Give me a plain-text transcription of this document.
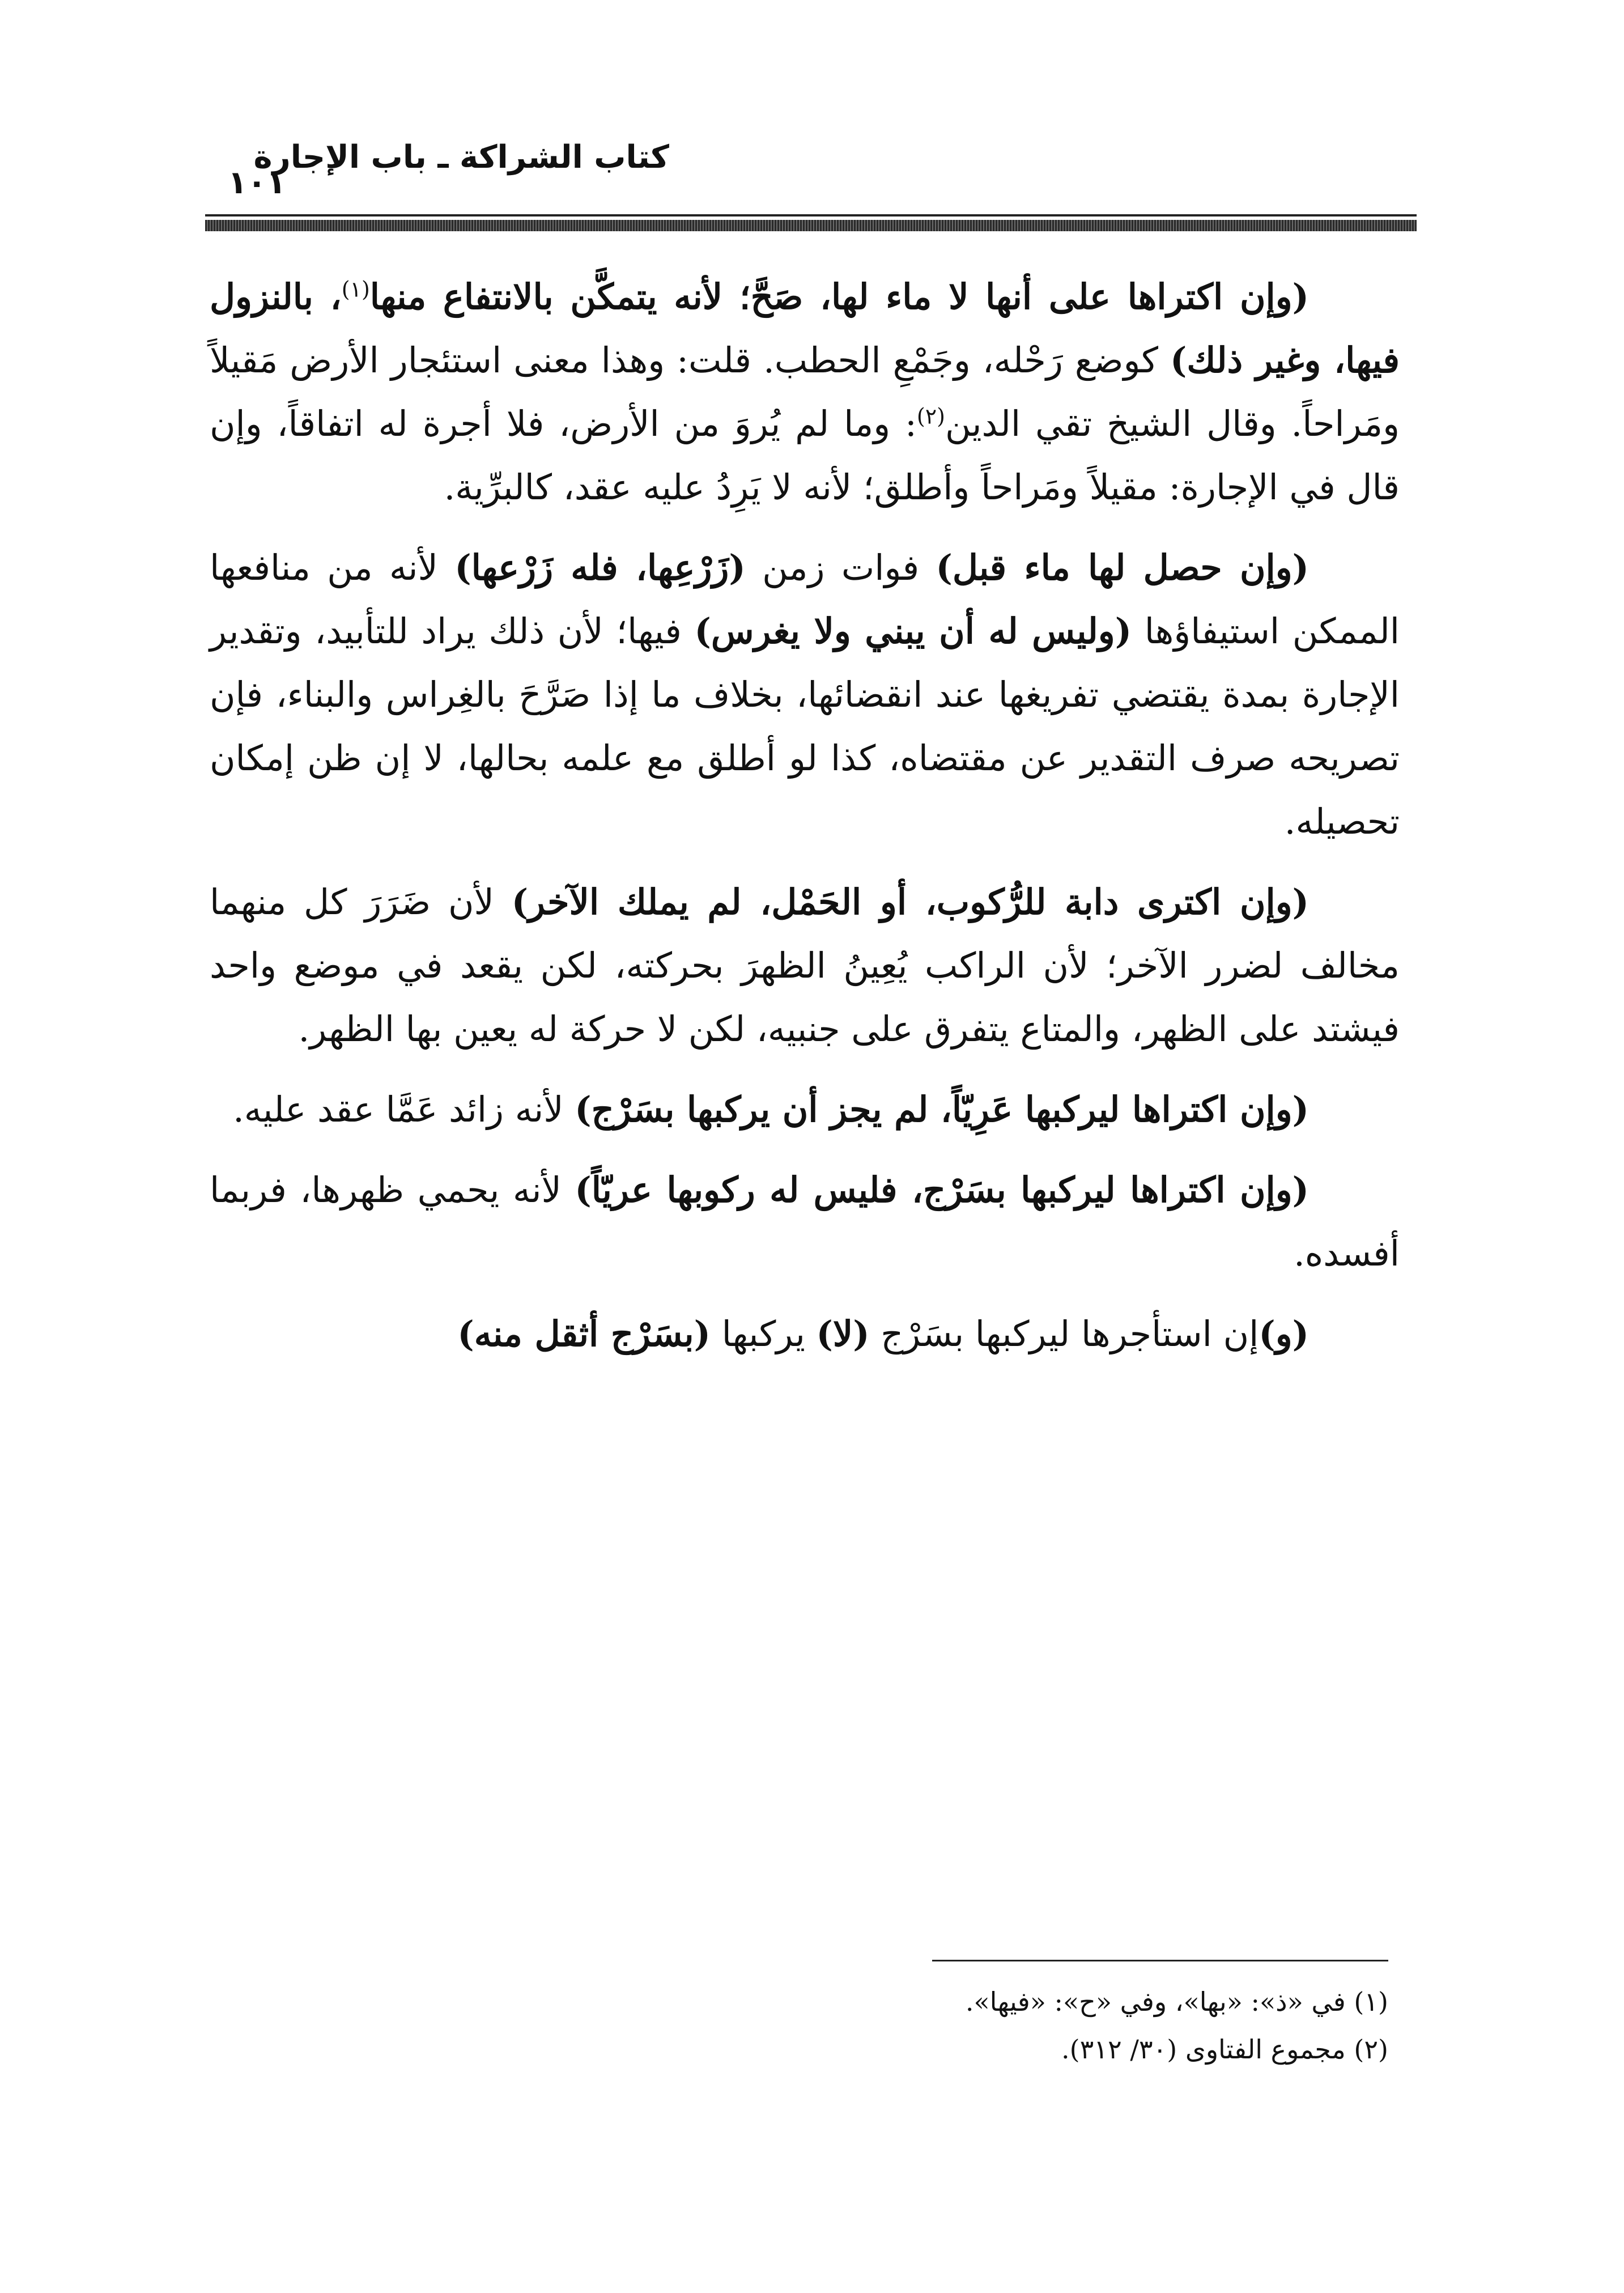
كتاب الشراكة ـ باب الإجارة
١٠١

(وإن اكتراها على أنها لا ماء لها، صَحَّ؛ لأنه يتمكَّن بالانتفاع منها$^{(١)}$، بالنزول فيها، وغير ذلك) كوضع رَحْله، وجَمْعِ الحطب. قلت: وهذا معنى استئجار الأرض مَقيلاً ومَراحاً. وقال الشيخ تقي الدين$^{(٢)}$: وما لم يُروَ من الأرض، فلا أجرة له اتفاقاً، وإن قال في الإجارة: مقيلاً ومَراحاً وأطلق؛ لأنه لا يَرِدُ عليه عقد، كالبرِّية.

(وإن حصل لها ماء قبل) فوات زمن (زَرْعِها، فله زَرْعها) لأنه من منافعها الممكن استيفاؤها (وليس له أن يبني ولا يغرس) فيها؛ لأن ذلك يراد للتأبيد، وتقدير الإجارة بمدة يقتضي تفريغها عند انقضائها، بخلاف ما إذا صَرَّحَ بالغِراس والبناء، فإن تصريحه صرف التقدير عن مقتضاه، كذا لو أطلق مع علمه بحالها، لا إن ظن إمكان تحصيله.

(وإن اكترى دابة للرُّكوب، أو الحَمْل، لم يملك الآخر) لأن ضَرَرَ كل منهما مخالف لضرر الآخر؛ لأن الراكب يُعِينُ الظهرَ بحركته، لكن يقعد في موضع واحد فيشتد على الظهر، والمتاع يتفرق على جنبيه، لكن لا حركة له يعين بها الظهر.

(وإن اكتراها ليركبها عَرِيّاً، لم يجز أن يركبها بسَرْج) لأنه زائد عَمَّا عقد عليه.

(وإن اكتراها ليركبها بسَرْج، فليس له ركوبها عريّاً) لأنه يحمي ظهرها، فربما أفسده.

(و)إن استأجرها ليركبها بسَرْج (لا) يركبها (بسَرْج أثقل منه)

(١) في «ذ»: «بها»، وفي «ح»: «فيها».

(٢) مجموع الفتاوى (٣٠/ ٣١٢).
